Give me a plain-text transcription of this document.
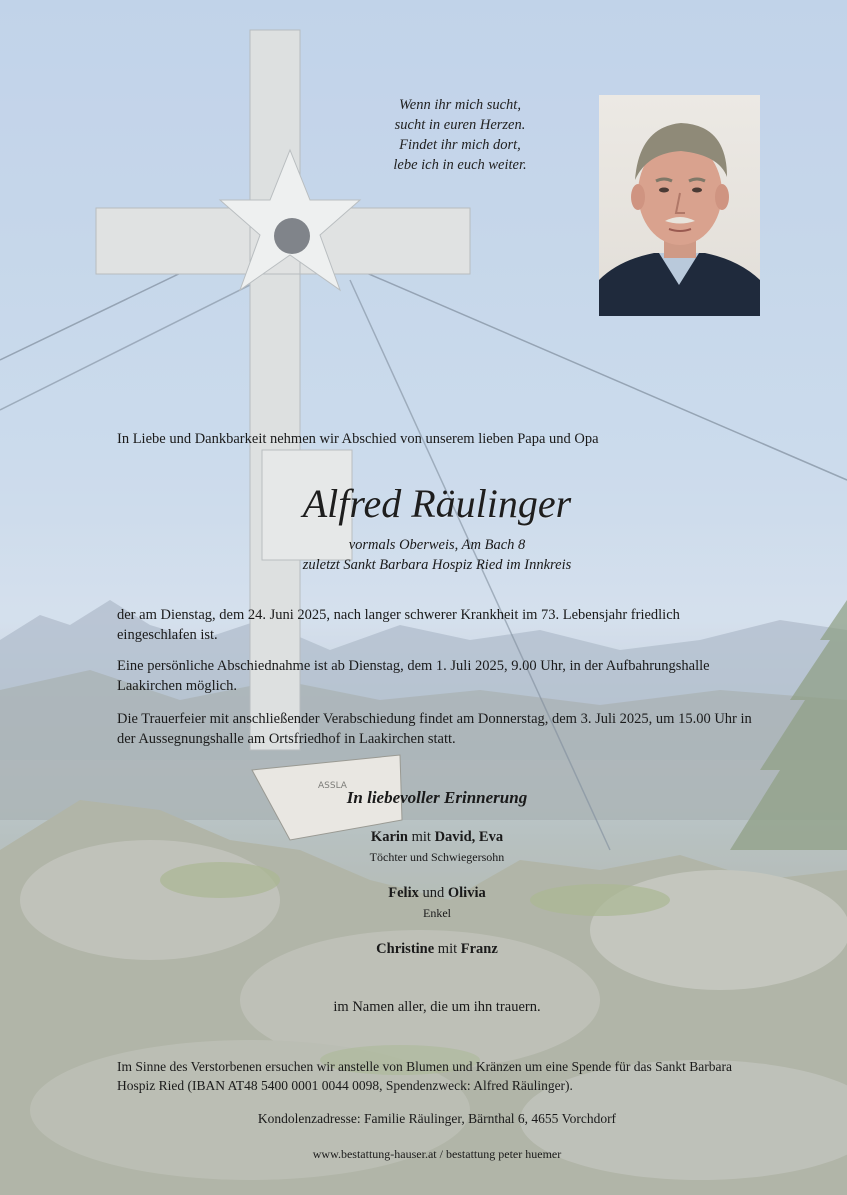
ASSLA
Wenn ihr mich sucht,
sucht in euren Herzen.
Findet ihr mich dort,
lebe ich in euch weiter.
In Liebe und Dankbarkeit nehmen wir Abschied von unserem lieben Papa und Opa
Alfred Räulinger
vormals Oberweis, Am Bach 8
zuletzt Sankt Barbara Hospiz Ried im Innkreis
der am Dienstag, dem 24. Juni 2025, nach langer schwerer Krankheit im 73. Lebensjahr friedlich eingeschlafen ist.
Eine persönliche Abschiednahme ist ab Dienstag, dem 1. Juli 2025, 9.00 Uhr, in der Aufbahrungshalle Laakirchen möglich.
Die Trauerfeier mit anschließender Verabschiedung findet am Donnerstag, dem 3. Juli 2025, um 15.00 Uhr in der Aussegnungshalle am Ortsfriedhof in Laakirchen statt.
In liebevoller Erinnerung
Karin mit David, Eva
Töchter und Schwiegersohn
Felix und Olivia
Enkel
Christine mit Franz
im Namen aller, die um ihn trauern.
Im Sinne des Verstorbenen ersuchen wir anstelle von Blumen und Kränzen um eine Spende für das Sankt Barbara Hospiz Ried (IBAN AT48 5400 0001 0044 0098, Spendenzweck: Alfred Räulinger).
Kondolenzadresse: Familie Räulinger, Bärnthal 6, 4655 Vorchdorf
www.bestattung-hauser.at / bestattung peter huemer
